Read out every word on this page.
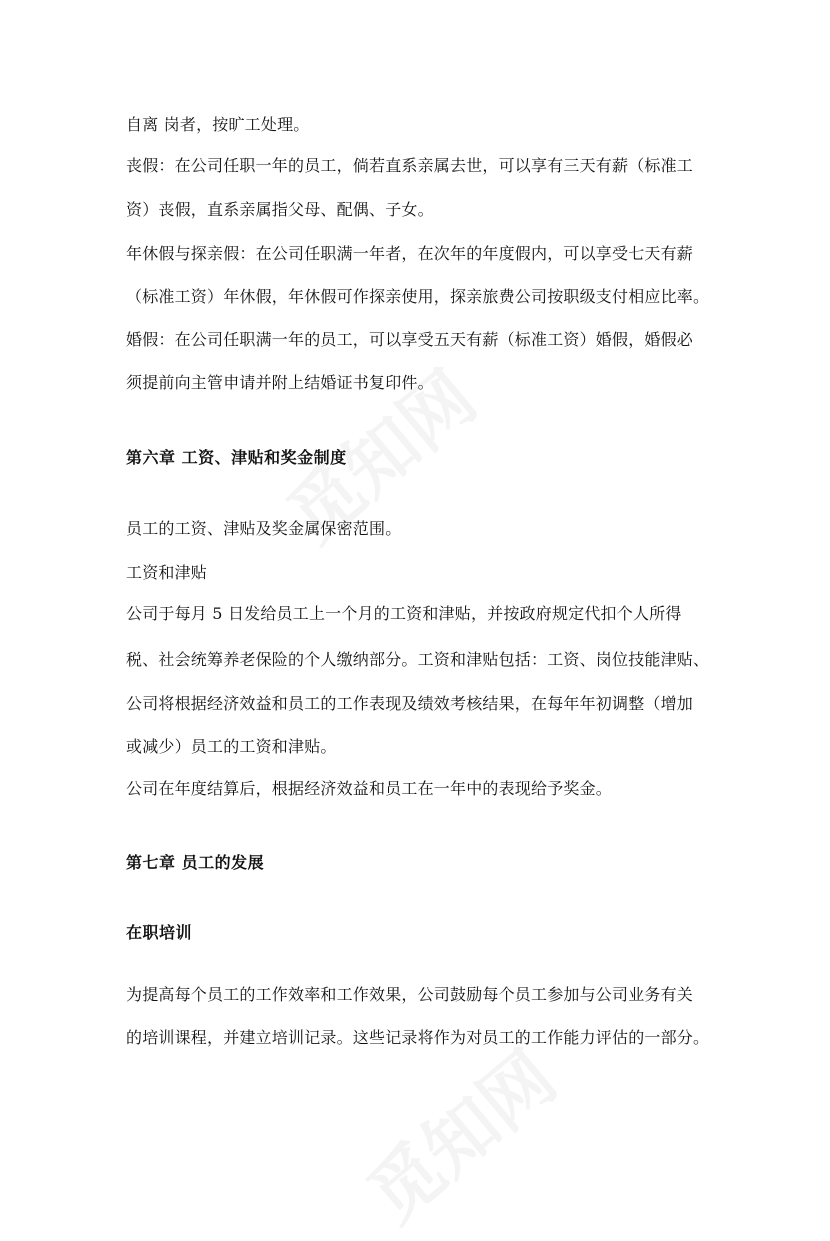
自离 岗者，按旷工处理。
丧假：在公司任职一年的员工，倘若直系亲属去世，可以享有三天有薪（标准工
资）丧假，直系亲属指父母、配偶、子女。
年休假与探亲假：在公司任职满一年者，在次年的年度假内，可以享受七天有薪
（标准工资）年休假，年休假可作探亲使用，探亲旅费公司按职级支付相应比率。
婚假：在公司任职满一年的员工，可以享受五天有薪（标准工资）婚假，婚假必
须提前向主管申请并附上结婚证书复印件。
第六章 工资、津贴和奖金制度
员工的工资、津贴及奖金属保密范围。
工资和津贴
公司于每月 5 日发给员工上一个月的工资和津贴，并按政府规定代扣个人所得
税、社会统筹养老保险的个人缴纳部分。工资和津贴包括：工资、岗位技能津贴、
公司将根据经济效益和员工的工作表现及绩效考核结果，在每年年初调整（增加
或减少）员工的工资和津贴。
公司在年度结算后，根据经济效益和员工在一年中的表现给予奖金。
第七章 员工的发展
在职培训
为提高每个员工的工作效率和工作效果，公司鼓励每个员工参加与公司业务有关
的培训课程，并建立培训记录。这些记录将作为对员工的工作能力评估的一部分。
